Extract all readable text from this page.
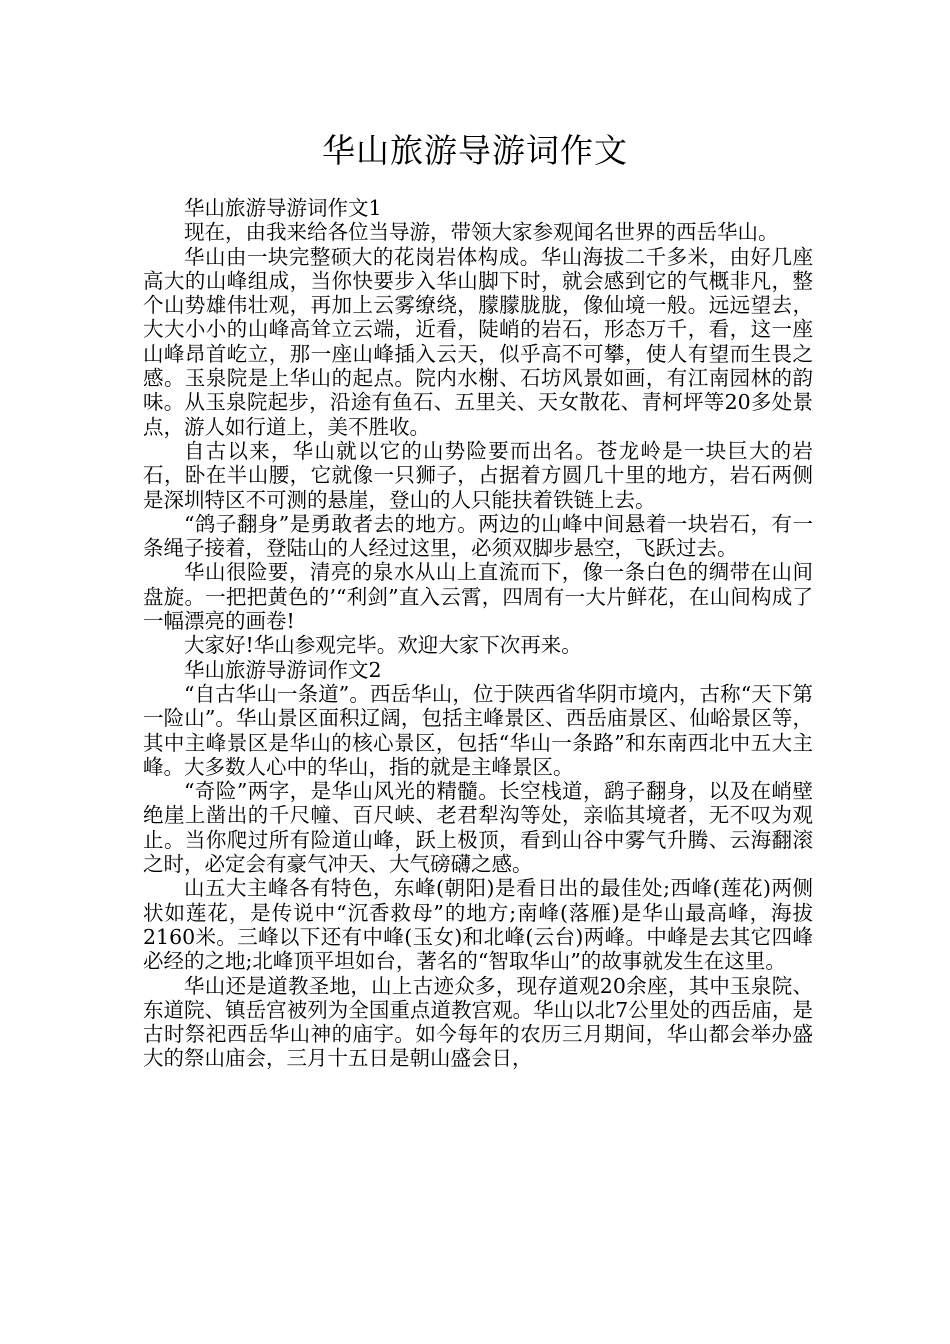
华山旅游导游词作文

华山旅游导游词作文1

现在，由我来给各位当导游，带领大家参观闻名世界的西岳华山。

华山由一块完整硕大的花岗岩体构成。华山海拔二千多米，由好几座高大的山峰组成，当你快要步入华山脚下时，就会感到它的气概非凡，整个山势雄伟壮观，再加上云雾缭绕，朦朦胧胧，像仙境一般。远远望去，大大小小的山峰高耸立云端，近看，陡峭的岩石，形态万千，看，这一座山峰昂首屹立，那一座山峰插入云天，似乎高不可攀，使人有望而生畏之感。玉泉院是上华山的起点。院内水榭、石坊风景如画，有江南园林的韵味。从玉泉院起步，沿途有鱼石、五里关、天女散花、青柯坪等20多处景点，游人如行道上，美不胜收。

自古以来，华山就以它的山势险要而出名。苍龙岭是一块巨大的岩石，卧在半山腰，它就像一只狮子，占据着方圆几十里的地方，岩石两侧是深圳特区不可测的悬崖，登山的人只能扶着铁链上去。

“鸽子翻身”是勇敢者去的地方。两边的山峰中间悬着一块岩石，有一条绳子接着，登陆山的人经过这里，必须双脚步悬空，飞跃过去。

华山很险要，清亮的泉水从山上直流而下，像一条白色的绸带在山间盘旋。一把把黄色的’“利剑”直入云霄，四周有一大片鲜花，在山间构成了一幅漂亮的画卷!

大家好!华山参观完毕。欢迎大家下次再来。

华山旅游导游词作文2

“自古华山一条道”。西岳华山，位于陕西省华阴市境内，古称“天下第一险山”。华山景区面积辽阔，包括主峰景区、西岳庙景区、仙峪景区等，其中主峰景区是华山的核心景区，包括“华山一条路”和东南西北中五大主峰。大多数人心中的华山，指的就是主峰景区。

“奇险”两字，是华山风光的精髓。长空栈道，鹞子翻身，以及在峭壁绝崖上凿出的千尺幢、百尺峡、老君犁沟等处，亲临其境者，无不叹为观止。当你爬过所有险道山峰，跃上极顶，看到山谷中雾气升腾、云海翻滚之时，必定会有豪气冲天、大气磅礴之感。

山五大主峰各有特色，东峰(朝阳)是看日出的最佳处;西峰(莲花)两侧状如莲花，是传说中“沉香救母”的地方;南峰(落雁)是华山最高峰，海拔2160米。三峰以下还有中峰(玉女)和北峰(云台)两峰。中峰是去其它四峰必经的之地;北峰顶平坦如台，著名的“智取华山”的故事就发生在这里。

华山还是道教圣地，山上古迹众多，现存道观20余座，其中玉泉院、东道院、镇岳宫被列为全国重点道教宫观。华山以北7公里处的西岳庙，是古时祭祀西岳华山神的庙宇。如今每年的农历三月期间，华山都会举办盛大的祭山庙会，三月十五日是朝山盛会日，
